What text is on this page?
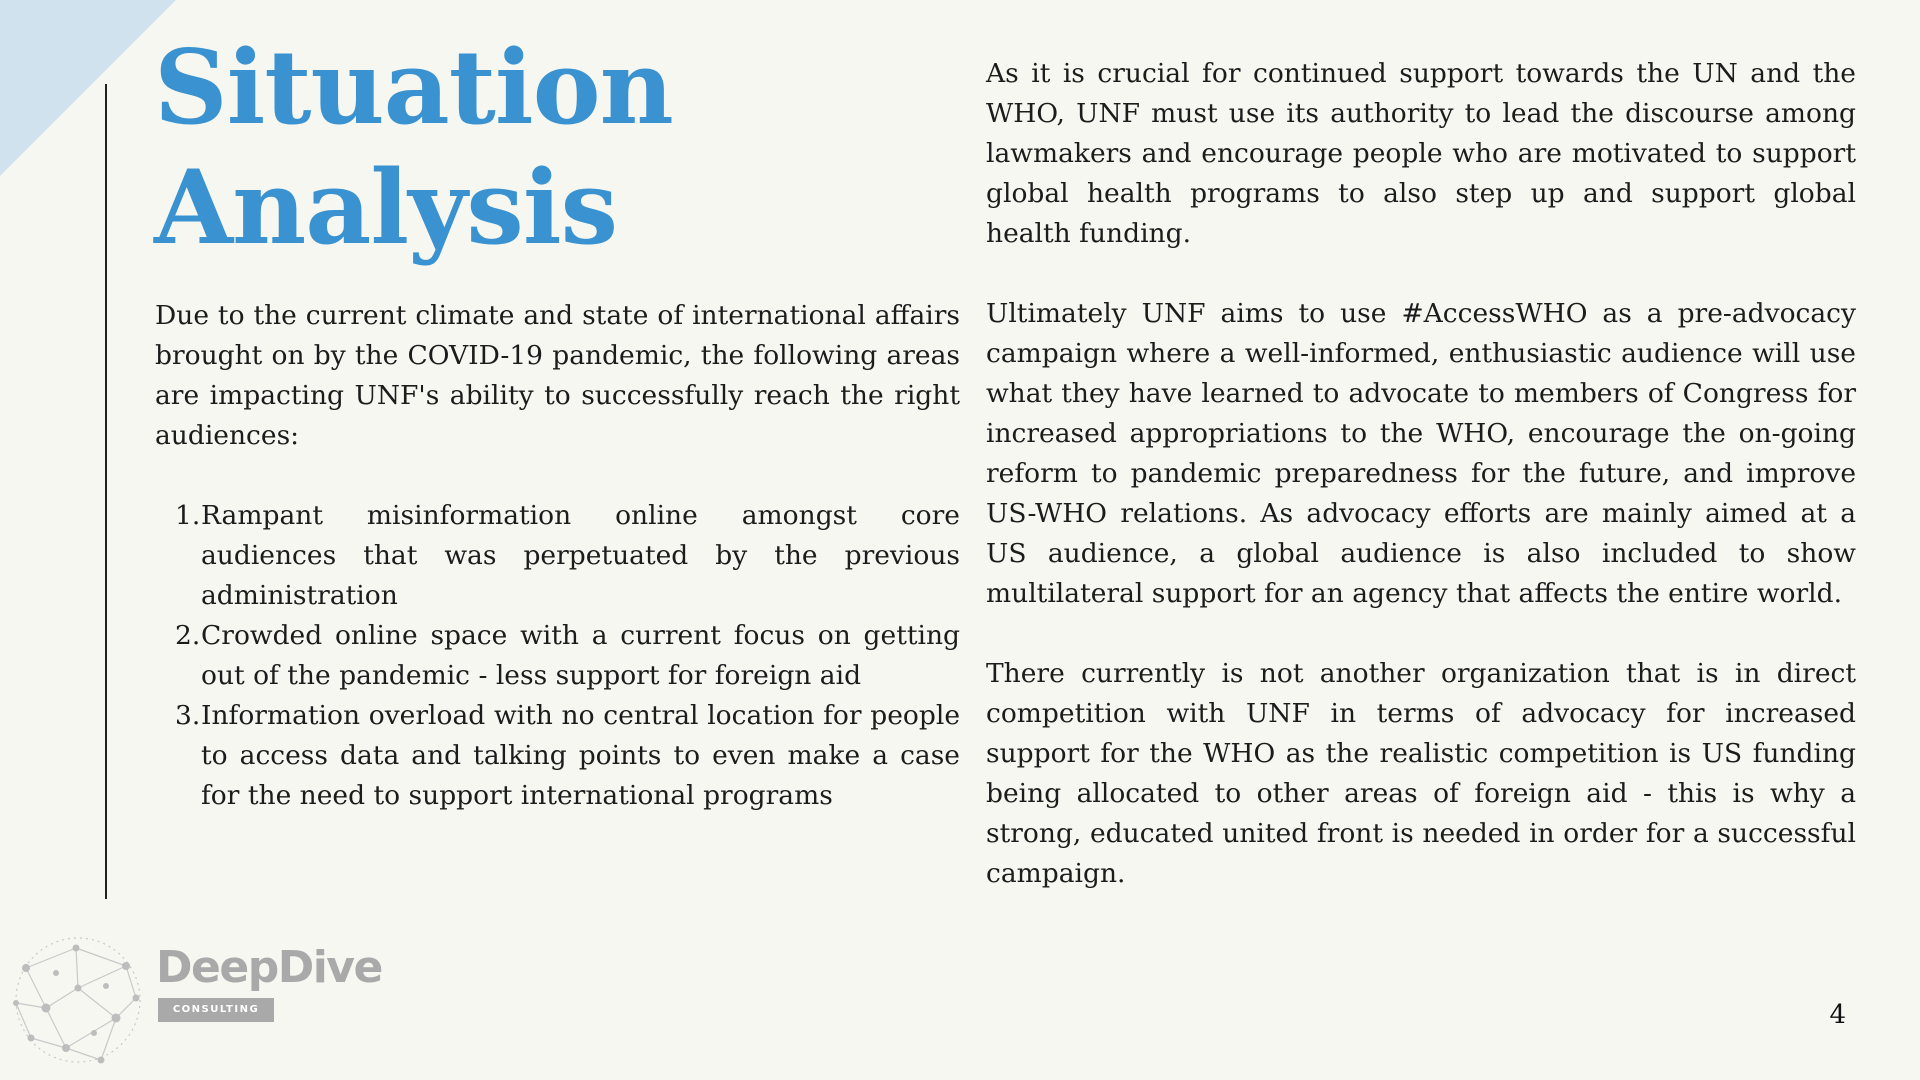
Situation
Analysis

Due to the current climate and state of international affairs brought on by the COVID-19 pandemic, the following areas are impacting UNF's ability to successfully reach the right audiences:

1. Rampant misinformation online amongst core audiences that was perpetuated by the previous administration
2. Crowded online space with a current focus on getting out of the pandemic - less support for foreign aid
3. Information overload with no central location for people to access data and talking points to even make a case for the need to support international programs

As it is crucial for continued support towards the UN and the WHO, UNF must use its authority to lead the discourse among lawmakers and encourage people who are motivated to support global health programs to also step up and support global health funding.

Ultimately UNF aims to use #AccessWHO as a pre-advocacy campaign where a well-informed, enthusiastic audience will use what they have learned to advocate to members of Congress for increased appropriations to the WHO, encourage the on-going reform to pandemic preparedness for the future, and improve US-WHO relations. As advocacy efforts are mainly aimed at a US audience, a global audience is also included to show multilateral support for an agency that affects the entire world.

There currently is not another organization that is in direct competition with UNF in terms of advocacy for increased support for the WHO as the realistic competition is US funding being allocated to other areas of foreign aid - this is why a strong, educated united front is needed in order for a successful campaign.

DeepDive
CONSULTING	4
